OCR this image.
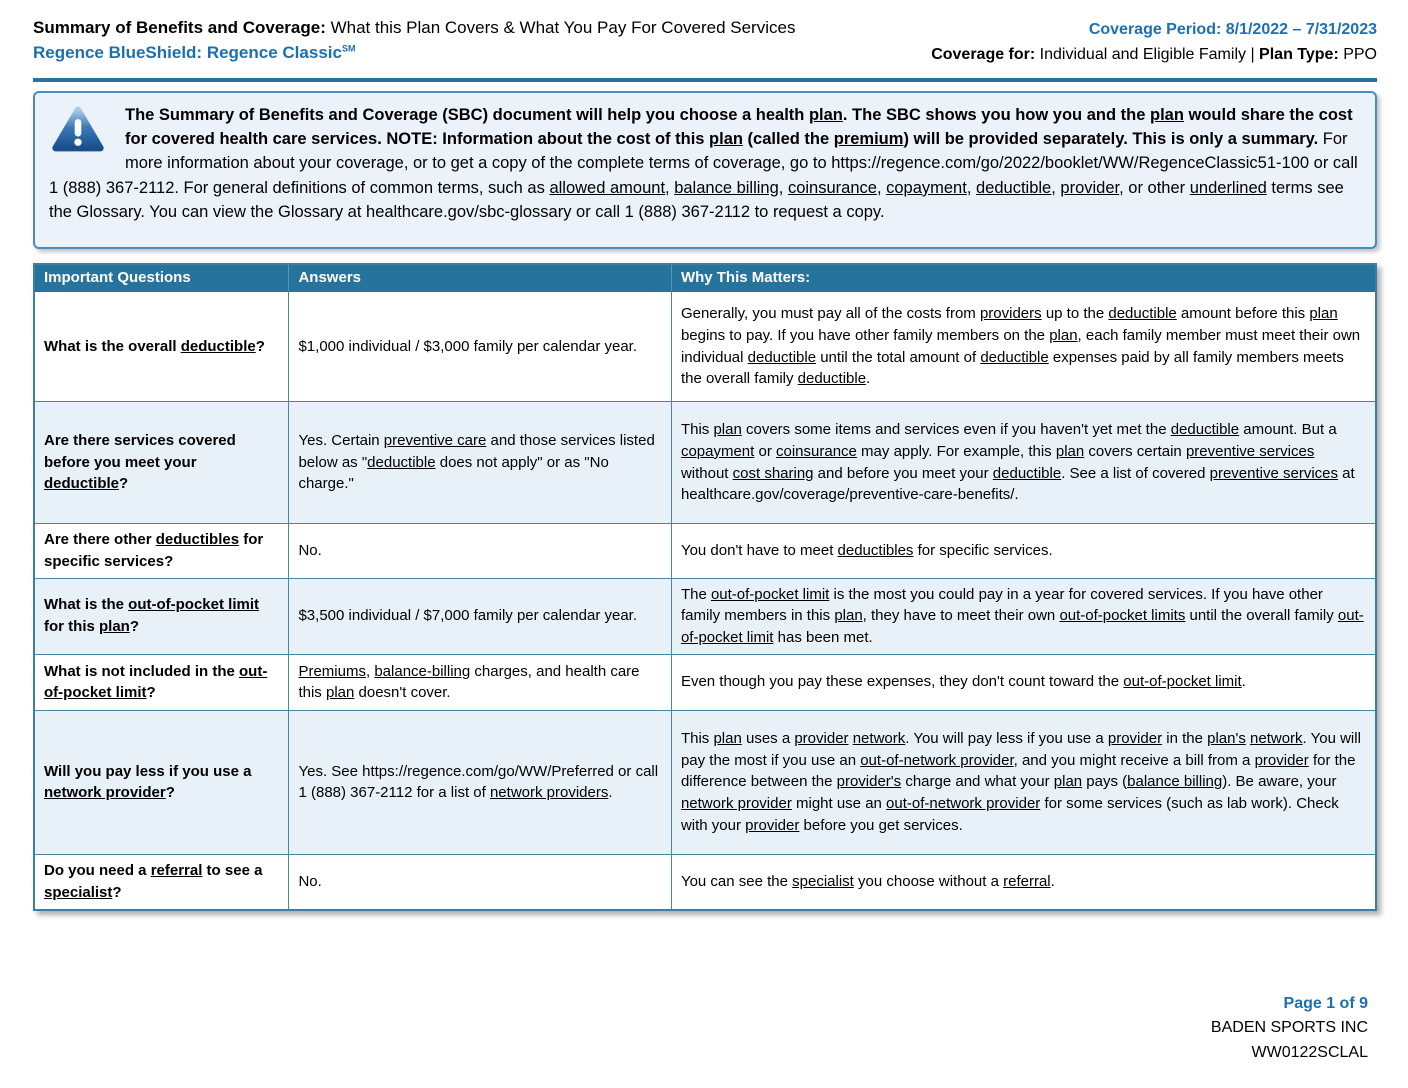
Summary of Benefits and Coverage: What this Plan Covers & What You Pay For Covered Services
Regence BlueShield: Regence Classic℠
Coverage Period: 8/1/2022 – 7/31/2023
Coverage for: Individual and Eligible Family | Plan Type: PPO
The Summary of Benefits and Coverage (SBC) document will help you choose a health plan. The SBC shows you how you and the plan would share the cost for covered health care services. NOTE: Information about the cost of this plan (called the premium) will be provided separately. This is only a summary. For more information about your coverage, or to get a copy of the complete terms of coverage, go to https://regence.com/go/2022/booklet/WW/RegenceClassic51-100 or call 1 (888) 367-2112. For general definitions of common terms, such as allowed amount, balance billing, coinsurance, copayment, deductible, provider, or other underlined terms see the Glossary. You can view the Glossary at healthcare.gov/sbc-glossary or call 1 (888) 367-2112 to request a copy.
Important Questions	Answers	Why This Matters:
What is the overall deductible?	$1,000 individual / $3,000 family per calendar year.	Generally, you must pay all of the costs from providers up to the deductible amount before this plan begins to pay. If you have other family members on the plan, each family member must meet their own individual deductible until the total amount of deductible expenses paid by all family members meets the overall family deductible.
Are there services covered before you meet your deductible?	Yes. Certain preventive care and those services listed below as "deductible does not apply" or as "No charge."	This plan covers some items and services even if you haven't yet met the deductible amount. But a copayment or coinsurance may apply. For example, this plan covers certain preventive services without cost sharing and before you meet your deductible. See a list of covered preventive services at healthcare.gov/coverage/preventive-care-benefits/.
Are there other deductibles for specific services?	No.	You don't have to meet deductibles for specific services.
What is the out-of-pocket limit for this plan?	$3,500 individual / $7,000 family per calendar year.	The out-of-pocket limit is the most you could pay in a year for covered services. If you have other family members in this plan, they have to meet their own out-of-pocket limits until the overall family out-of-pocket limit has been met.
What is not included in the out-of-pocket limit?	Premiums, balance-billing charges, and health care this plan doesn't cover.	Even though you pay these expenses, they don't count toward the out-of-pocket limit.
Will you pay less if you use a network provider?	Yes. See https://regence.com/go/WW/Preferred or call 1 (888) 367-2112 for a list of network providers.	This plan uses a provider network. You will pay less if you use a provider in the plan's network. You will pay the most if you use an out-of-network provider, and you might receive a bill from a provider for the difference between the provider's charge and what your plan pays (balance billing). Be aware, your network provider might use an out-of-network provider for some services (such as lab work). Check with your provider before you get services.
Do you need a referral to see a specialist?	No.	You can see the specialist you choose without a referral.
Page 1 of 9
BADEN SPORTS INC
WW0122SCLAL
